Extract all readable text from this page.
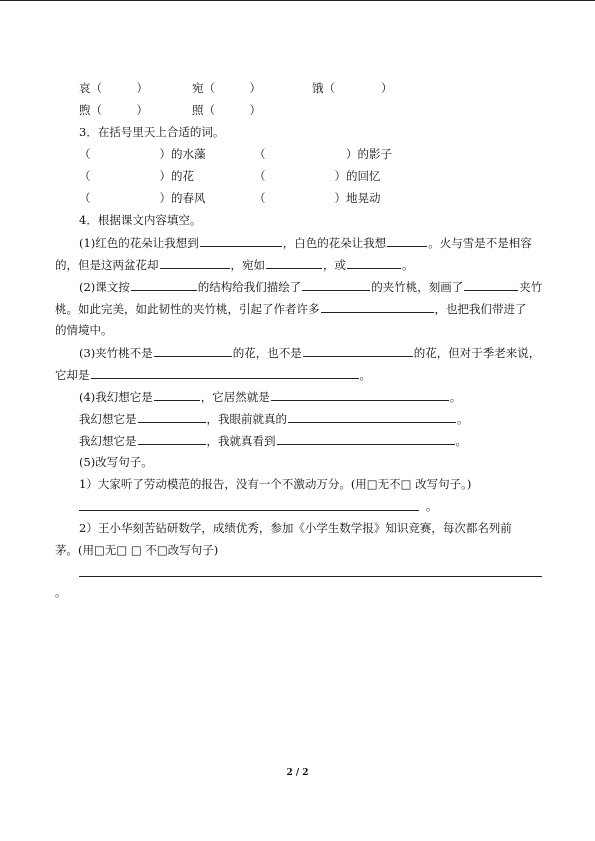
哀（　　　）	宛（　　　）	饿（　　　　）
煦（　　　）	照（　　　）
3．在括号里天上合适的词。
（　　　　　　）的水藻	（　　　　　　　）的影子
（　　　　　　）的花	（　　　　　　）的回忆
（　　　　　　）的春风	（　　　　　　）地晃动
4．根据课文内容填空。
(1)红色的花朵让我想到	，白色的花朵让我想	。火与雪是不是相容
的，但是这两盆花却	，宛如	，或	。
(2)课文按	的结构给我们描绘了	的夹竹桃，刻画了	夹竹
桃。如此完美，如此韧性的夹竹桃，引起了作者许多	，也把我们带进了
的情境中。
(3)夹竹桃不是	的花，也不是	的花，但对于季老来说，
它却是	。
(4)我幻想它是	，它居然就是	。
我幻想它是	，我眼前就真的	。
我幻想它是	，我就真看到	。
(5)改写句子。
1）大家听了劳动模范的报告，没有一个不激动万分。(用□无不□ 改写句子。)
。
2）王小华刻苦钻研数学，成绩优秀，参加《小学生数学报》知识竞赛，每次都名列前
茅。(用□无□ □ 不□改写句子)
。
2 / 2
